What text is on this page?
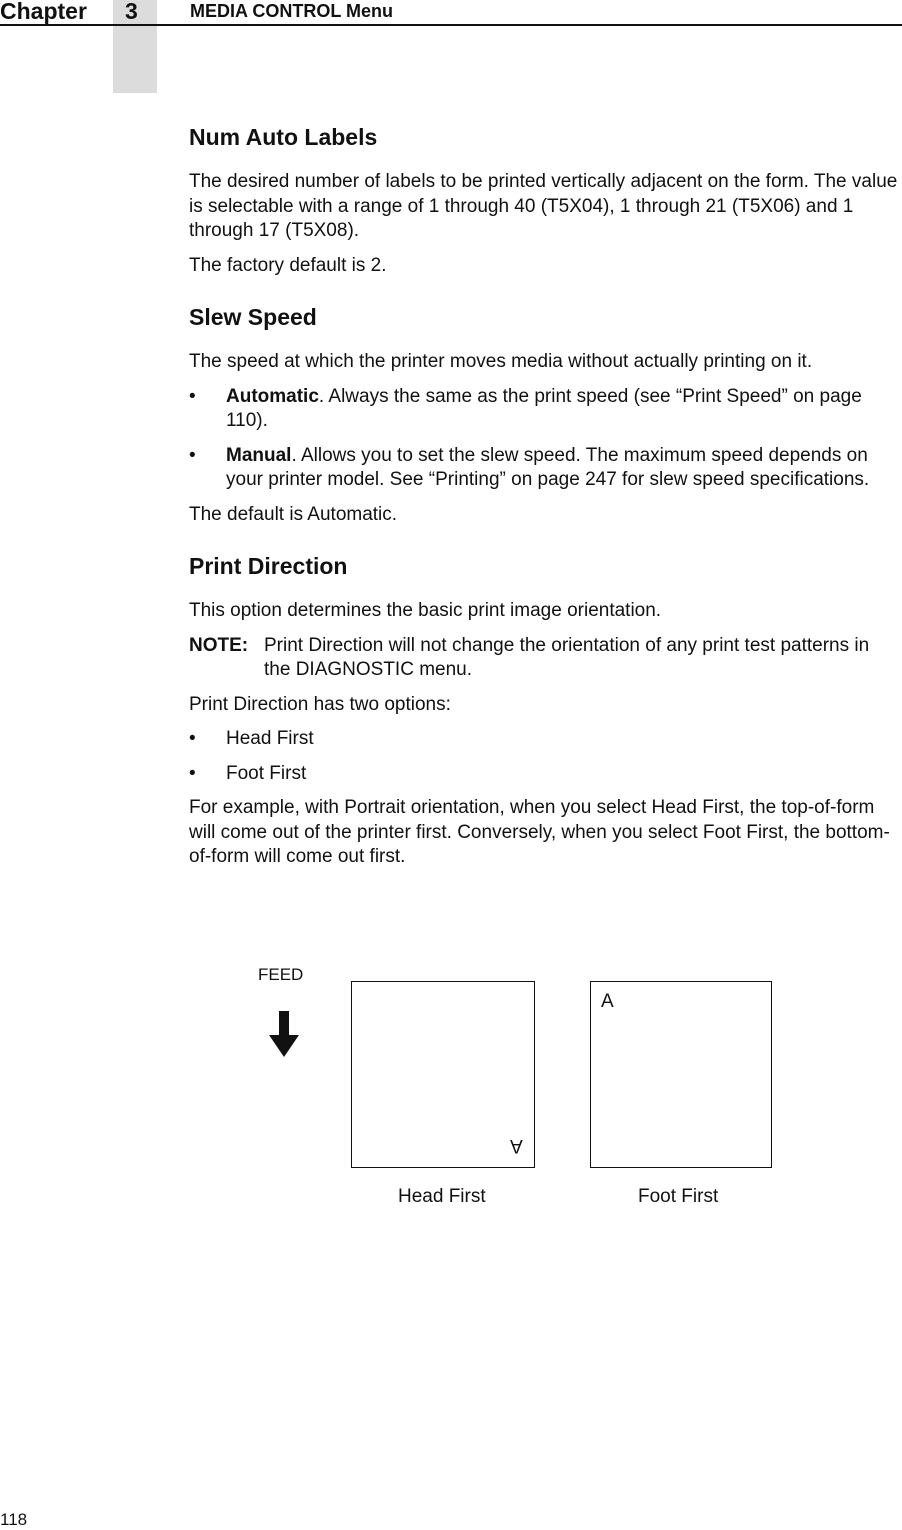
Chapter 3	MEDIA CONTROL Menu
Num Auto Labels

The desired number of labels to be printed vertically adjacent on the form. The value is selectable with a range of 1 through 40 (T5X04), 1 through 21 (T5X06) and 1 through 17 (T5X08).

The factory default is 2.

Slew Speed

The speed at which the printer moves media without actually printing on it.

• Automatic. Always the same as the print speed (see “Print Speed” on page 110).
• Manual. Allows you to set the slew speed. The maximum speed depends on your printer model. See “Printing” on page 247 for slew speed specifications.

The default is Automatic.

Print Direction

This option determines the basic print image orientation.

NOTE: Print Direction will not change the orientation of any print test patterns in the DIAGNOSTIC menu.

Print Direction has two options:

• Head First
• Foot First

For example, with Portrait orientation, when you select Head First, the top-of-form will come out of the printer first. Conversely, when you select Foot First, the bottom-of-form will come out first.

FEED
A
A
Head First	Foot First
118
